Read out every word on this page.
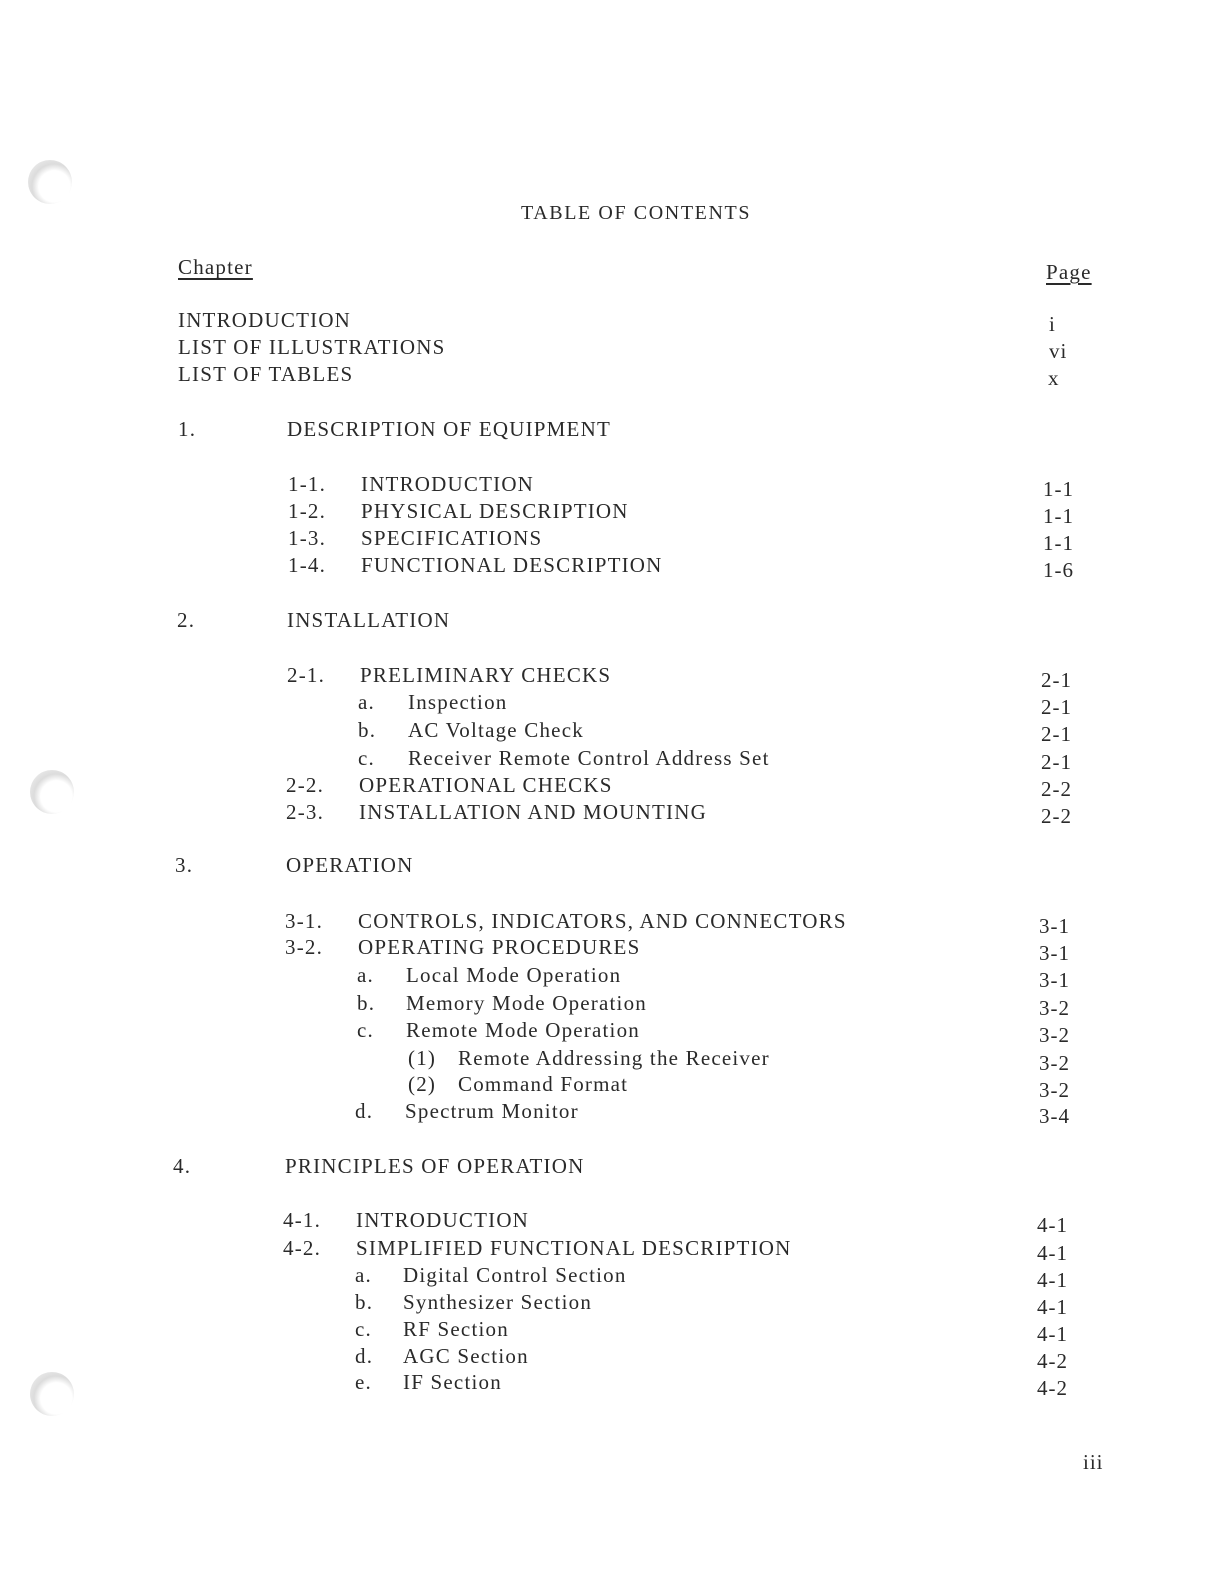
TABLE OF CONTENTS
Chapter	Page
INTRODUCTION	i
LIST OF ILLUSTRATIONS	vi
LIST OF TABLES	x
1.	DESCRIPTION OF EQUIPMENT
1-1. INTRODUCTION	1-1
1-2. PHYSICAL DESCRIPTION	1-1
1-3. SPECIFICATIONS	1-1
1-4. FUNCTIONAL DESCRIPTION	1-6
2.	INSTALLATION
2-1. PRELIMINARY CHECKS	2-1
a. Inspection	2-1
b. AC Voltage Check	2-1
c. Receiver Remote Control Address Set	2-1
2-2. OPERATIONAL CHECKS	2-2
2-3. INSTALLATION AND MOUNTING	2-2
3.	OPERATION
3-1. CONTROLS, INDICATORS, AND CONNECTORS	3-1
3-2. OPERATING PROCEDURES	3-1
a. Local Mode Operation	3-1
b. Memory Mode Operation	3-2
c. Remote Mode Operation	3-2
(1) Remote Addressing the Receiver	3-2
(2) Command Format	3-2
d. Spectrum Monitor	3-4
4.	PRINCIPLES OF OPERATION
4-1. INTRODUCTION	4-1
4-2. SIMPLIFIED FUNCTIONAL DESCRIPTION	4-1
a. Digital Control Section	4-1
b. Synthesizer Section	4-1
c. RF Section	4-1
d. AGC Section	4-2
e. IF Section	4-2
iii
